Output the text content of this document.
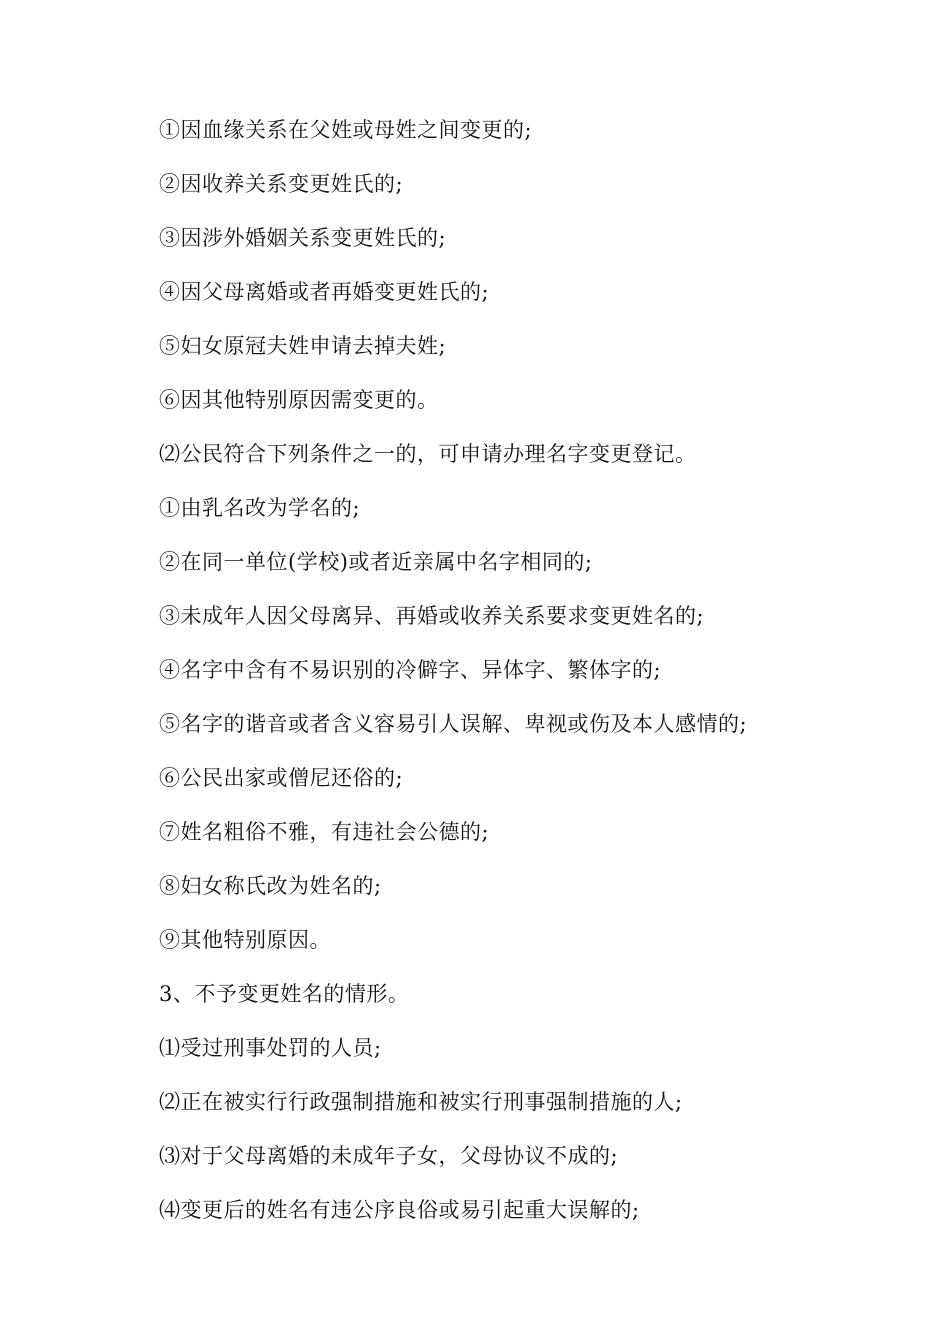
①因血缘关系在父姓或母姓之间变更的;
②因收养关系变更姓氏的;
③因涉外婚姻关系变更姓氏的;
④因父母离婚或者再婚变更姓氏的;
⑤妇女原冠夫姓申请去掉夫姓;
⑥因其他特别原因需变更的。
⑵公民符合下列条件之一的，可申请办理名字变更登记。
①由乳名改为学名的;
②在同一单位(学校)或者近亲属中名字相同的;
③未成年人因父母离异、再婚或收养关系要求变更姓名的;
④名字中含有不易识别的冷僻字、异体字、繁体字的;
⑤名字的谐音或者含义容易引人误解、卑视或伤及本人感情的;
⑥公民出家或僧尼还俗的;
⑦姓名粗俗不雅，有违社会公德的;
⑧妇女称氏改为姓名的;
⑨其他特别原因。
3、不予变更姓名的情形。
⑴受过刑事处罚的人员;
⑵正在被实行行政强制措施和被实行刑事强制措施的人;
⑶对于父母离婚的未成年子女，父母协议不成的;
⑷变更后的姓名有违公序良俗或易引起重大误解的;
